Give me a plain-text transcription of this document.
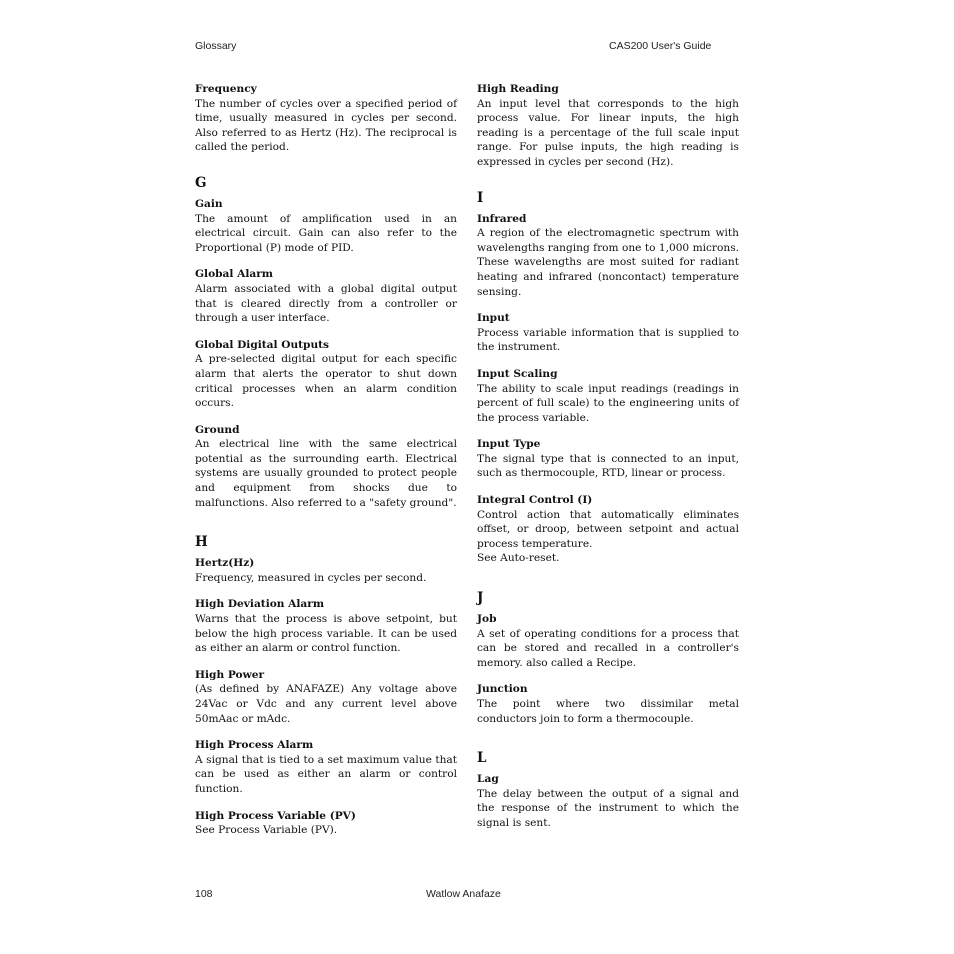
Glossary	CAS200 User's Guide
Frequency
The number of cycles over a specified period of time, usually measured in cycles per second. Also referred to as Hertz (Hz). The reciprocal is called the period.
G
Gain
The amount of amplification used in an electrical circuit. Gain can also refer to the Proportional (P) mode of PID.
Global Alarm
Alarm associated with a global digital output that is cleared directly from a controller or through a user interface.
Global Digital Outputs
A pre-selected digital output for each specific alarm that alerts the operator to shut down critical processes when an alarm condition occurs.
Ground
An electrical line with the same electrical potential as the surrounding earth. Electrical systems are usually grounded to protect people and equipment from shocks due to malfunctions. Also referred to a "safety ground".
H
Hertz(Hz)
Frequency, measured in cycles per second.
High Deviation Alarm
Warns that the process is above setpoint, but below the high process variable. It can be used as either an alarm or control function.
High Power
(As defined by ANAFAZE) Any voltage above 24Vac or Vdc and any current level above 50mAac or mAdc.
High Process Alarm
A signal that is tied to a set maximum value that can be used as either an alarm or control function.
High Process Variable (PV)
See Process Variable (PV).
High Reading
An input level that corresponds to the high process value. For linear inputs, the high reading is a percentage of the full scale input range. For pulse inputs, the high reading is expressed in cycles per second (Hz).
I
Infrared
A region of the electromagnetic spectrum with wavelengths ranging from one to 1,000 microns. These wavelengths are most suited for radiant heating and infrared (noncontact) temperature sensing.
Input
Process variable information that is supplied to the instrument.
Input Scaling
The ability to scale input readings (readings in percent of full scale) to the engineering units of the process variable.
Input Type
The signal type that is connected to an input, such as thermocouple, RTD, linear or process.
Integral Control (I)
Control action that automatically eliminates offset, or droop, between setpoint and actual process temperature.
See Auto-reset.
J
Job
A set of operating conditions for a process that can be stored and recalled in a controller's memory. also called a Recipe.
Junction
The point where two dissimilar metal conductors join to form a thermocouple.
L
Lag
The delay between the output of a signal and the response of the instrument to which the signal is sent.
108	Watlow Anafaze
